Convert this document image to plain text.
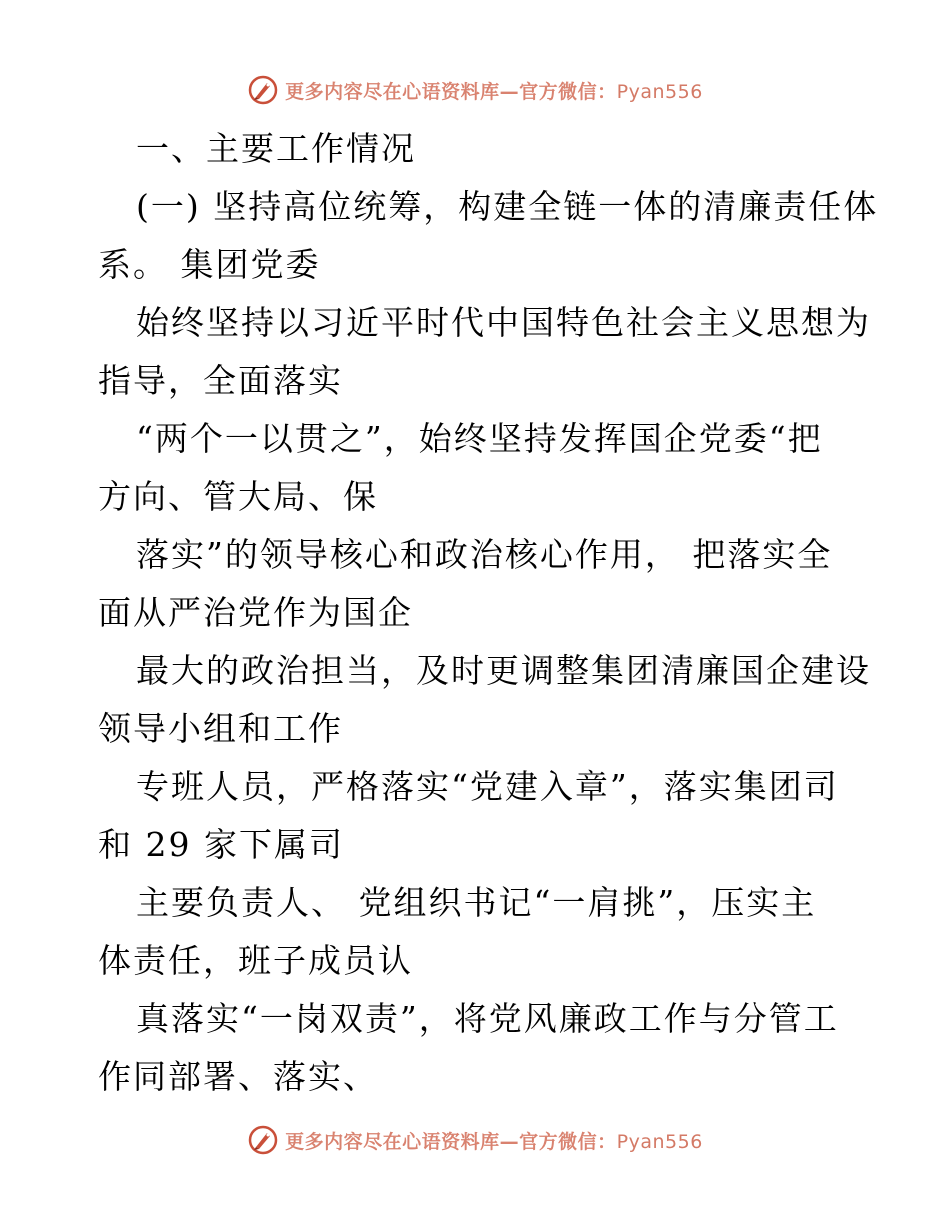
更多内容尽在心语资料库—官方微信：Pyan556
一、主要工作情况
(一) 坚持高位统筹，构建全链一体的清廉责任体
系。 集团党委
始终坚持以习近平时代中国特色社会主义思想为
指导，全面落实
“两个一以贯之”，始终坚持发挥国企党委“把
方向、管大局、保
落实”的领导核心和政治核心作用， 把落实全
面从严治党作为国企
最大的政治担当，及时更调整集团清廉国企建设
领导小组和工作
专班人员，严格落实“党建入章”，落实集团司
和 29 家下属司
主要负责人、 党组织书记“一肩挑”，压实主
体责任，班子成员认
真落实“一岗双责”，将党风廉政工作与分管工
作同部署、落实、
更多内容尽在心语资料库—官方微信：Pyan556
